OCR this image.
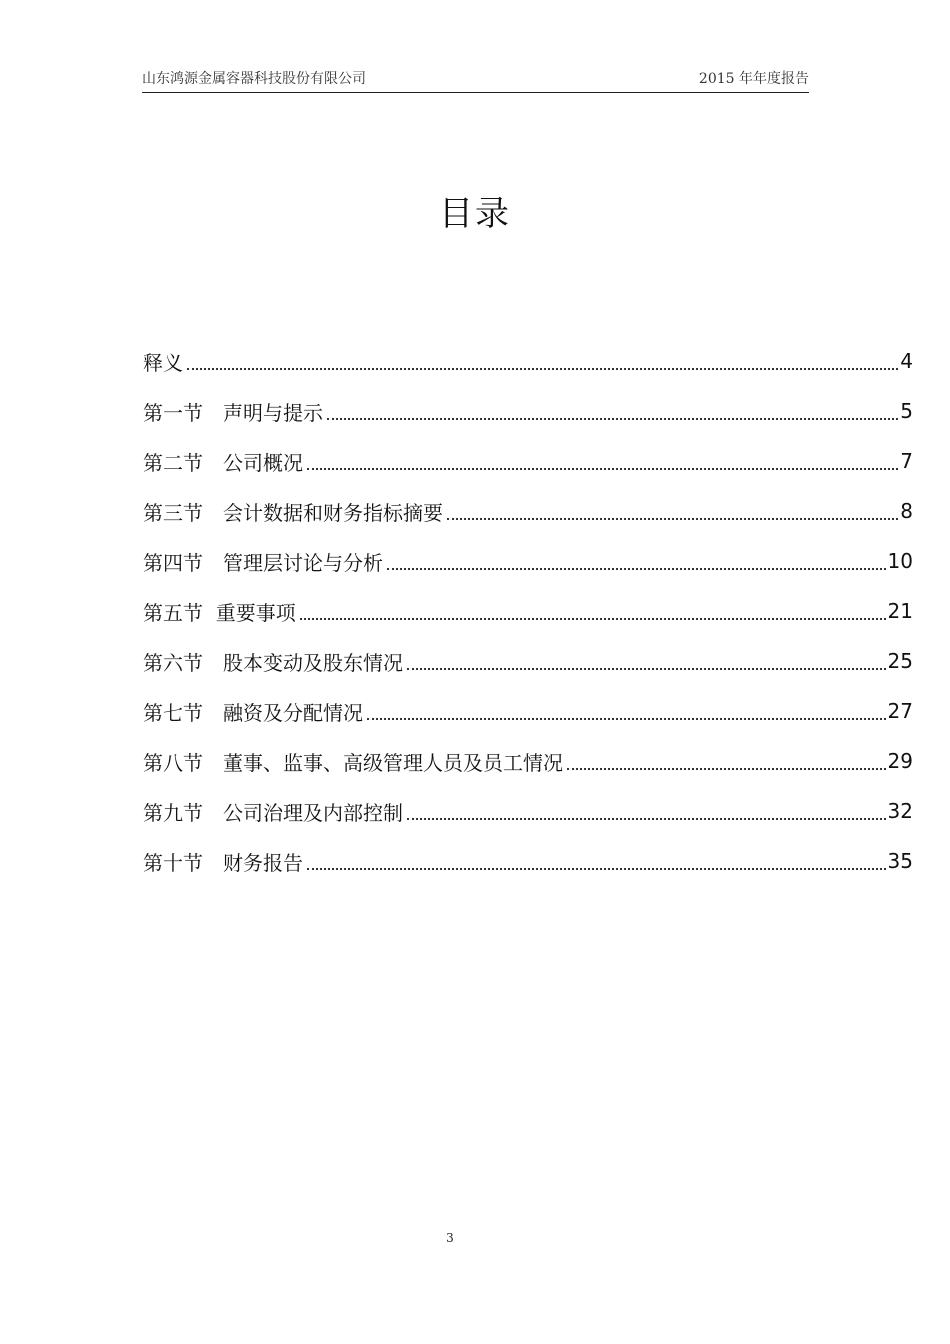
山东鸿源金属容器科技股份有限公司	2015 年年度报告
目录
释义	4
第一节　声明与提示	5
第二节　公司概况	7
第三节　会计数据和财务指标摘要	8
第四节　管理层讨论与分析	10
第五节  重要事项	21
第六节　股本变动及股东情况	25
第七节　融资及分配情况	27
第八节　董事、监事、高级管理人员及员工情况	29
第九节　公司治理及内部控制	32
第十节　财务报告	35
3
